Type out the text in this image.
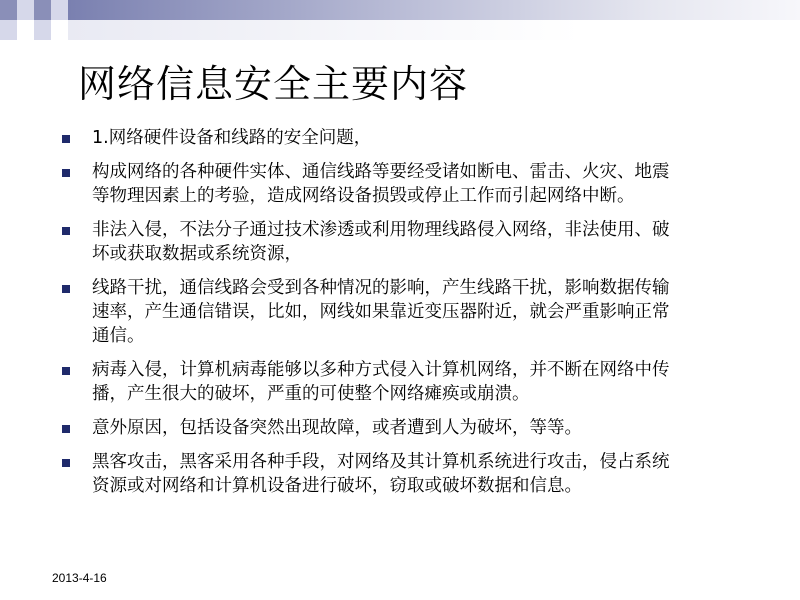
网络信息安全主要内容
1.网络硬件设备和线路的安全问题，
构成网络的各种硬件实体、通信线路等要经受诸如断电、雷击、火灾、地震等物理因素上的考验，造成网络设备损毁或停止工作而引起网络中断。
非法入侵，不法分子通过技术渗透或利用物理线路侵入网络，非法使用、破坏或获取数据或系统资源，
线路干扰，通信线路会受到各种情况的影响，产生线路干扰，影响数据传输速率，产生通信错误，比如，网线如果靠近变压器附近，就会严重影响正常通信。
病毒入侵，计算机病毒能够以多种方式侵入计算机网络，并不断在网络中传播，产生很大的破坏，严重的可使整个网络瘫痪或崩溃。
意外原因，包括设备突然出现故障，或者遭到人为破坏，等等。
黑客攻击，黑客采用各种手段，对网络及其计算机系统进行攻击，侵占系统资源或对网络和计算机设备进行破坏，窃取或破坏数据和信息。
2013-4-16
